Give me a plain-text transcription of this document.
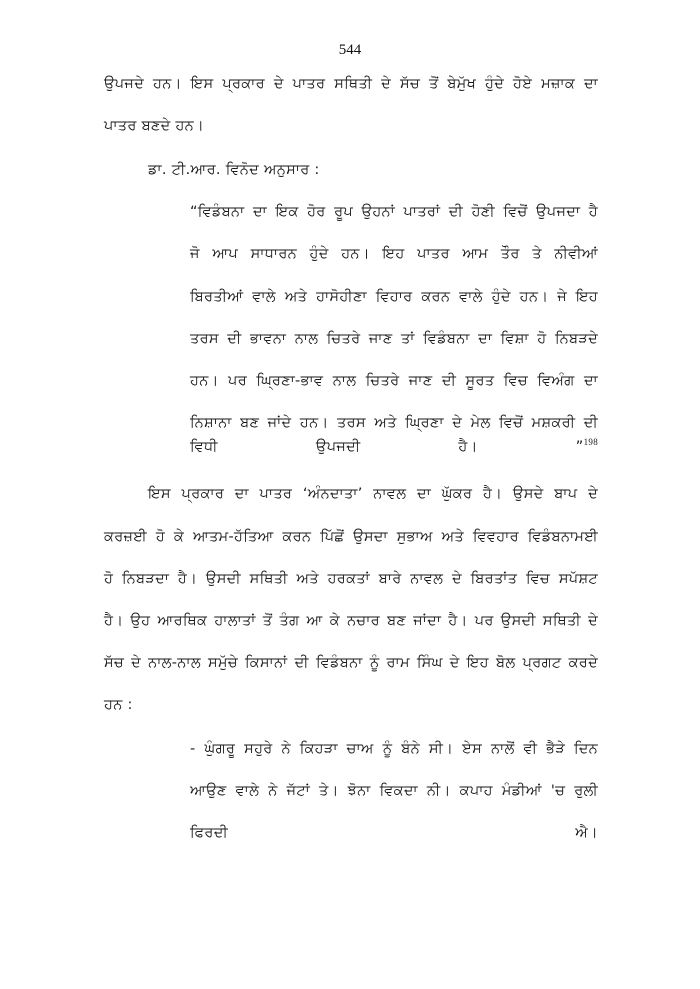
544
ਉਪਜਦੇ ਹਨ। ਇਸ ਪ੍ਰਕਾਰ ਦੇ ਪਾਤਰ ਸਥਿਤੀ ਦੇ ਸੱਚ ਤੋਂ ਬੇਮੁੱਖ ਹੁੰਦੇ ਹੋਏ ਮਜ਼ਾਕ ਦਾ
ਪਾਤਰ ਬਣਦੇ ਹਨ।
ਡਾ. ਟੀ.ਆਰ. ਵਿਨੋਦ ਅਨੁਸਾਰ :
“ਵਿਡੰਬਨਾ ਦਾ ਇਕ ਹੋਰ ਰੂਪ ਉਹਨਾਂ ਪਾਤਰਾਂ ਦੀ ਹੋਣੀ ਵਿਚੋਂ ਉਪਜਦਾ ਹੈ
ਜੋ ਆਪ ਸਾਧਾਰਨ ਹੁੰਦੇ ਹਨ। ਇਹ ਪਾਤਰ ਆਮ ਤੌਰ ਤੇ ਨੀਵੀਆਂ
ਬਿਰਤੀਆਂ ਵਾਲੇ ਅਤੇ ਹਾਸੋਹੀਣਾ ਵਿਹਾਰ ਕਰਨ ਵਾਲੇ ਹੁੰਦੇ ਹਨ। ਜੇ ਇਹ
ਤਰਸ ਦੀ ਭਾਵਨਾ ਨਾਲ ਚਿਤਰੇ ਜਾਣ ਤਾਂ ਵਿਡੰਬਨਾ ਦਾ ਵਿਸ਼ਾ ਹੋ ਨਿਬੜਦੇ
ਹਨ। ਪਰ ਘ੍ਰਿਣਾ-ਭਾਵ ਨਾਲ ਚਿਤਰੇ ਜਾਣ ਦੀ ਸੂਰਤ ਵਿਚ ਵਿਅੰਗ ਦਾ
ਨਿਸ਼ਾਨਾ ਬਣ ਜਾਂਦੇ ਹਨ। ਤਰਸ ਅਤੇ ਘ੍ਰਿਣਾ ਦੇ ਮੇਲ ਵਿਚੋਂ ਮਸ਼ਕਰੀ ਦੀ
ਵਿਧੀ ਉਪਜਦੀ ਹੈ। ”$^{198}$
ਇਸ ਪ੍ਰਕਾਰ ਦਾ ਪਾਤਰ ‘ਅੰਨਦਾਤਾ’ ਨਾਵਲ ਦਾ ਘੁੱਕਰ ਹੈ। ਉਸਦੇ ਬਾਪ ਦੇ
ਕਰਜ਼ਈ ਹੋ ਕੇ ਆਤਮ-ਹੱਤਿਆ ਕਰਨ ਪਿੱਛੋਂ ਉਸਦਾ ਸੁਭਾਅ ਅਤੇ ਵਿਵਹਾਰ ਵਿਡੰਬਨਾਮਈ
ਹੋ ਨਿਬੜਦਾ ਹੈ। ਉਸਦੀ ਸਥਿਤੀ ਅਤੇ ਹਰਕਤਾਂ ਬਾਰੇ ਨਾਵਲ ਦੇ ਬਿਰਤਾਂਤ ਵਿਚ ਸਪੱਸ਼ਟ
ਹੈ। ਉਹ ਆਰਥਿਕ ਹਾਲਾਤਾਂ ਤੋਂ ਤੰਗ ਆ ਕੇ ਨਚਾਰ ਬਣ ਜਾਂਦਾ ਹੈ। ਪਰ ਉਸਦੀ ਸਥਿਤੀ ਦੇ
ਸੱਚ ਦੇ ਨਾਲ-ਨਾਲ ਸਮੁੱਚੇ ਕਿਸਾਨਾਂ ਦੀ ਵਿਡੰਬਨਾ ਨੂੰ ਰਾਮ ਸਿੰਘ ਦੇ ਇਹ ਬੋਲ ਪ੍ਰਗਟ ਕਰਦੇ
ਹਨ :
- ਘੁੰਗਰੂ ਸਹੁਰੇ ਨੇ ਕਿਹੜਾ ਚਾਅ ਨੂੰ ਬੰਨੇ ਸੀ। ਏਸ ਨਾਲੋਂ ਵੀ ਭੈੜੇ ਦਿਨ
ਆਉਣ ਵਾਲੇ ਨੇ ਜੱਟਾਂ ਤੇ। ਝੋਨਾ ਵਿਕਦਾ ਨੀ। ਕਪਾਹ ਮੰਡੀਆਂ 'ਚ ਰੁਲੀ
ਫਿਰਦੀ ਐ।
